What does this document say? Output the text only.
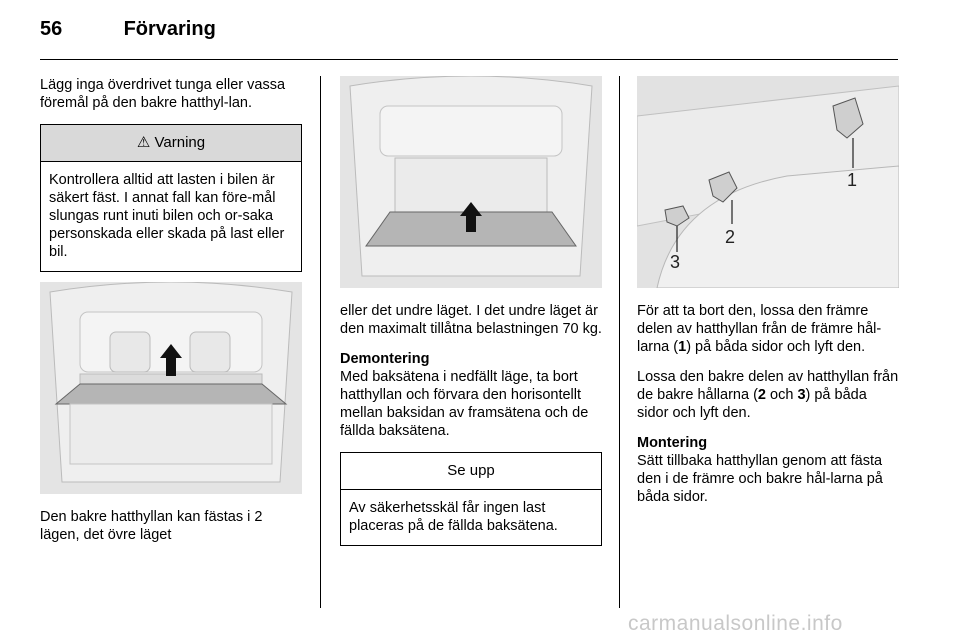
56	Förvaring

Lägg inga överdrivet tunga eller vassa föremål på den bakre hatthyl-lan.

⚠ Varning
Kontrollera alltid att lasten i bilen är säkert fäst. I annat fall kan före-mål slungas runt inuti bilen och or-saka personskada eller skada på last eller bil.

Den bakre hatthyllan kan fästas i 2 lägen, det övre läget

eller det undre läget. I det undre läget är den maximalt tillåtna belastningen 70 kg.

Demontering

Med baksätena i nedfällt läge, ta bort hatthyllan och förvara den horisontellt mellan baksidan av framsätena och de fällda baksätena.

Se upp
Av säkerhetsskäl får ingen last placeras på de fällda baksätena.
1
2
3

För att ta bort den, lossa den främre delen av hatthyllan från de främre hål-larna (1) på båda sidor och lyft den.

Lossa den bakre delen av hatthyllan från de bakre hållarna (2 och 3) på båda sidor och lyft den.

Montering

Sätt tillbaka hatthyllan genom att fästa den i de främre och bakre hål-larna på båda sidor.

carmanualsonline.info
